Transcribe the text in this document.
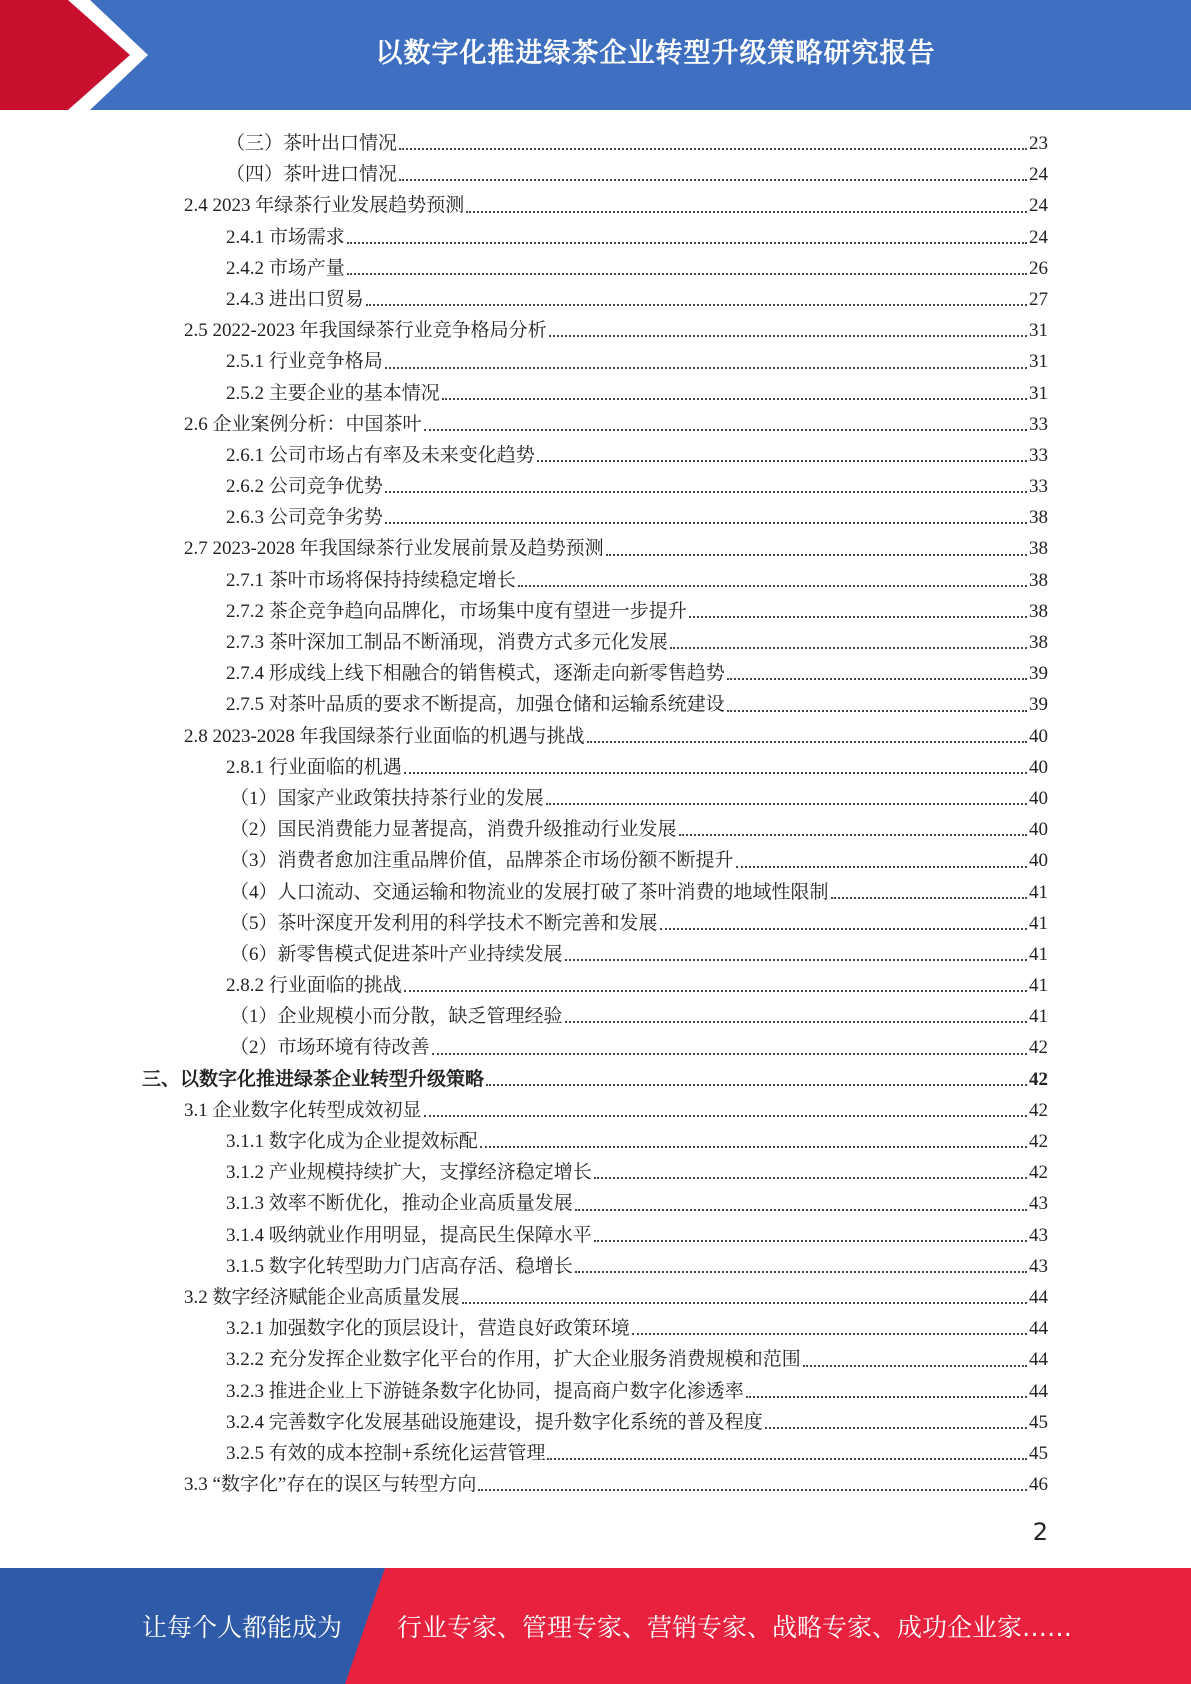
以数字化推进绿茶企业转型升级策略研究报告
（三）茶叶出口情况	23
（四）茶叶进口情况	24
2.4 2023 年绿茶行业发展趋势预测	24
2.4.1 市场需求	24
2.4.2 市场产量	26
2.4.3 进出口贸易	27
2.5 2022-2023 年我国绿茶行业竞争格局分析	31
2.5.1 行业竞争格局	31
2.5.2 主要企业的基本情况	31
2.6 企业案例分析：中国茶叶	33
2.6.1 公司市场占有率及未来变化趋势	33
2.6.2 公司竞争优势	33
2.6.3 公司竞争劣势	38
2.7 2023-2028 年我国绿茶行业发展前景及趋势预测	38
2.7.1 茶叶市场将保持持续稳定增长	38
2.7.2 茶企竞争趋向品牌化，市场集中度有望进一步提升	38
2.7.3 茶叶深加工制品不断涌现，消费方式多元化发展	38
2.7.4 形成线上线下相融合的销售模式，逐渐走向新零售趋势	39
2.7.5 对茶叶品质的要求不断提高，加强仓储和运输系统建设	39
2.8 2023-2028 年我国绿茶行业面临的机遇与挑战	40
2.8.1 行业面临的机遇	40
（1）国家产业政策扶持茶行业的发展	40
（2）国民消费能力显著提高，消费升级推动行业发展	40
（3）消费者愈加注重品牌价值，品牌茶企市场份额不断提升	40
（4）人口流动、交通运输和物流业的发展打破了茶叶消费的地域性限制	41
（5）茶叶深度开发利用的科学技术不断完善和发展	41
（6）新零售模式促进茶叶产业持续发展	41
2.8.2 行业面临的挑战	41
（1）企业规模小而分散，缺乏管理经验	41
（2）市场环境有待改善	42
三、以数字化推进绿茶企业转型升级策略	42
3.1 企业数字化转型成效初显	42
3.1.1 数字化成为企业提效标配	42
3.1.2 产业规模持续扩大，支撑经济稳定增长	42
3.1.3 效率不断优化，推动企业高质量发展	43
3.1.4 吸纳就业作用明显，提高民生保障水平	43
3.1.5 数字化转型助力门店高存活、稳增长	43
3.2 数字经济赋能企业高质量发展	44
3.2.1 加强数字化的顶层设计，营造良好政策环境	44
3.2.2 充分发挥企业数字化平台的作用，扩大企业服务消费规模和范围	44
3.2.3 推进企业上下游链条数字化协同，提高商户数字化渗透率	44
3.2.4 完善数字化发展基础设施建设，提升数字化系统的普及程度	45
3.2.5 有效的成本控制+系统化运营管理	45
3.3 “数字化”存在的误区与转型方向	46
2
让每个人都能成为 行业专家、管理专家、营销专家、战略专家、成功企业家……
